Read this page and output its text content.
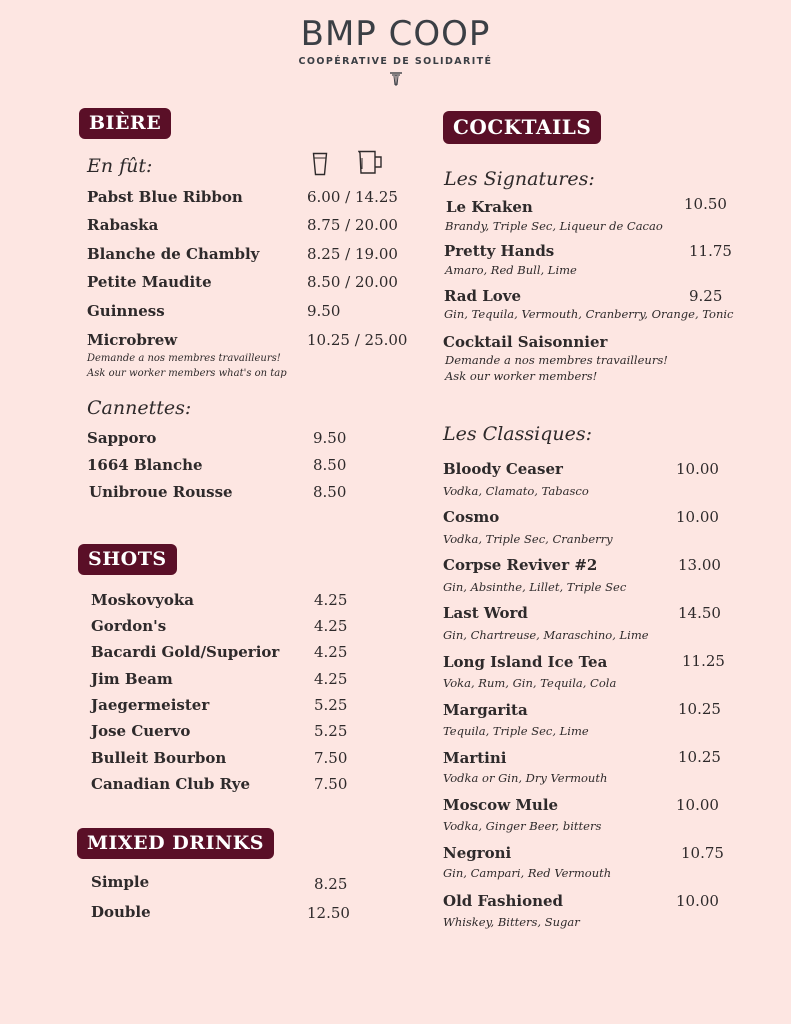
BMP COOP
COOPÉRATIVE DE SOLIDARITÉ
BIÈRE
En fût:
Pabst Blue Ribbon	6.00 / 14.25
Rabaska	8.75 / 20.00
Blanche de Chambly	8.25 / 19.00
Petite Maudite	8.50 / 20.00
Guinness	9.50
Microbrew	10.25 / 25.00
Demande a nos membres travailleurs!
Ask our worker members what's on tap
Cannettes:
Sapporo	9.50
1664 Blanche	8.50
Unibroue Rousse	8.50
SHOTS
Moskovyoka	4.25
Gordon's	4.25
Bacardi Gold/Superior 4.25
Jim Beam	4.25
Jaegermeister	5.25
Jose Cuervo	5.25
Bulleit Bourbon	7.50
Canadian Club Rye	7.50
MIXED DRINKS
Simple	8.25
Double	12.50
COCKTAILS
Les Signatures:
Le Kraken	10.50
Brandy, Triple Sec, Liqueur de Cacao
Pretty Hands	11.75
Amaro, Red Bull, Lime
Rad Love	9.25
Gin, Tequila, Vermouth, Cranberry, Orange, Tonic
Cocktail Saisonnier
Demande a nos membres travailleurs!
Ask our worker members!
Les Classiques:
Bloody Ceaser	10.00
Vodka, Clamato, Tabasco
Cosmo	10.00
Vodka, Triple Sec, Cranberry
Corpse Reviver #2	13.00
Gin, Absinthe, Lillet, Triple Sec
Last Word	14.50
Gin, Chartreuse, Maraschino, Lime
Long Island Ice Tea	11.25
Voka, Rum, Gin, Tequila, Cola
Margarita	10.25
Tequila, Triple Sec, Lime
Martini	10.25
Vodka or Gin, Dry Vermouth
Moscow Mule	10.00
Vodka, Ginger Beer, bitters
Negroni	10.75
Gin, Campari, Red Vermouth
Old Fashioned	10.00
Whiskey, Bitters, Sugar
